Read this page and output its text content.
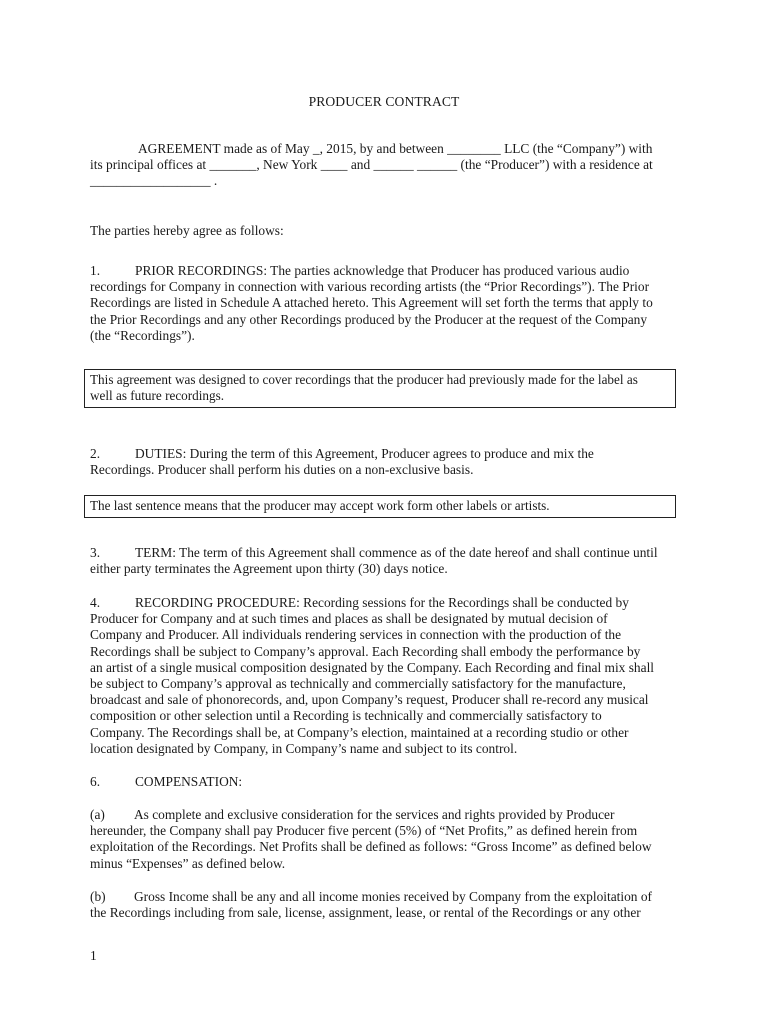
PRODUCER CONTRACT
AGREEMENT made as of May _, 2015, by and between ________ LLC (the “Company”) with
its principal offices at _______, New York ____ and ______ ______ (the “Producer”) with a residence at
__________________ .
The parties hereby agree as follows:
1.	PRIOR RECORDINGS: The parties acknowledge that Producer has produced various audio
recordings for Company in connection with various recording artists (the “Prior Recordings”). The Prior
Recordings are listed in Schedule A attached hereto. This Agreement will set forth the terms that apply to
the Prior Recordings and any other Recordings produced by the Producer at the request of the Company
(the “Recordings”).
This agreement was designed to cover recordings that the producer had previously made for the label as
well as future recordings.
2.	DUTIES: During the term of this Agreement, Producer agrees to produce and mix the
Recordings. Producer shall perform his duties on a non-exclusive basis.
The last sentence means that the producer may accept work form other labels or artists.
3.	TERM: The term of this Agreement shall commence as of the date hereof and shall continue until
either party terminates the Agreement upon thirty (30) days notice.
4.	RECORDING PROCEDURE: Recording sessions for the Recordings shall be conducted by
Producer for Company and at such times and places as shall be designated by mutual decision of
Company and Producer. All individuals rendering services in connection with the production of the
Recordings shall be subject to Company’s approval. Each Recording shall embody the performance by
an artist of a single musical composition designated by the Company. Each Recording and final mix shall
be subject to Company’s approval as technically and commercially satisfactory for the manufacture,
broadcast and sale of phonorecords, and, upon Company’s request, Producer shall re-record any musical
composition or other selection until a Recording is technically and commercially satisfactory to
Company. The Recordings shall be, at Company’s election, maintained at a recording studio or other
location designated by Company, in Company’s name and subject to its control.
6.	COMPENSATION:
(a) As complete and exclusive consideration for the services and rights provided by Producer
hereunder, the Company shall pay Producer five percent (5%) of “Net Profits,” as defined herein from
exploitation of the Recordings. Net Profits shall be defined as follows: “Gross Income” as defined below
minus “Expenses” as defined below.
(b) Gross Income shall be any and all income monies received by Company from the exploitation of
the Recordings including from sale, license, assignment, lease, or rental of the Recordings or any other
1
